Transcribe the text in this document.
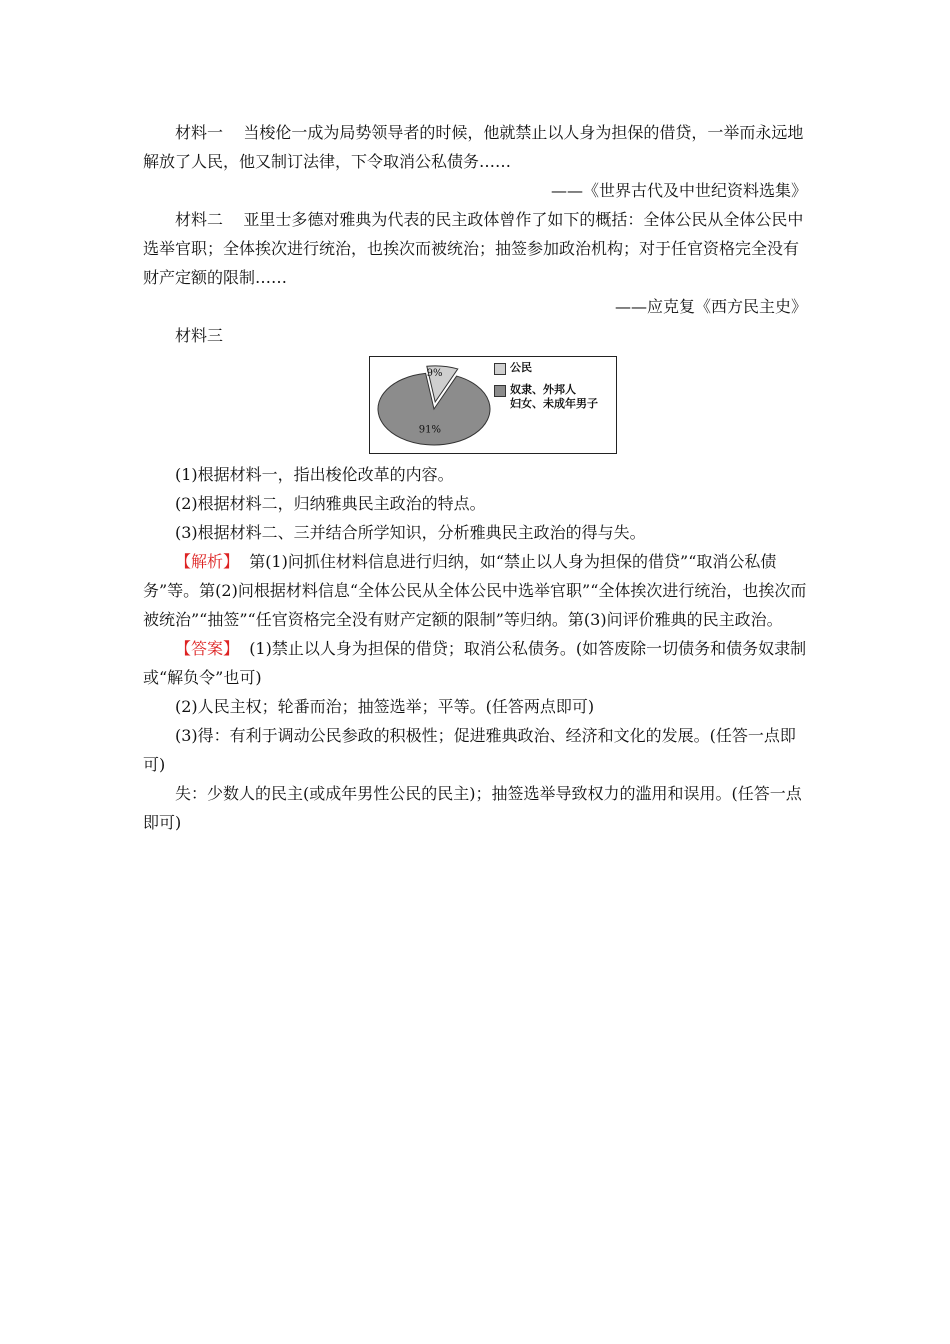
材料一 当梭伦一成为局势领导者的时候，他就禁止以人身为担保的借贷，一举而永远地解放了人民，他又制订法律，下令取消公私债务……

——《世界古代及中世纪资料选集》

材料二 亚里士多德对雅典为代表的民主政体曾作了如下的概括：全体公民从全体公民中选举官职；全体挨次进行统治，也挨次而被统治；抽签参加政治机构；对于任官资格完全没有财产定额的限制……

——应克复《西方民主史》

材料三

9%
91%
公民
奴隶、外邦人
妇女、未成年男子

(1)根据材料一，指出梭伦改革的内容。

(2)根据材料二，归纳雅典民主政治的特点。

(3)根据材料二、三并结合所学知识，分析雅典民主政治的得与失。

【解析】 第(1)问抓住材料信息进行归纳，如“禁止以人身为担保的借贷”“取消公私债务”等。第(2)问根据材料信息“全体公民从全体公民中选举官职”“全体挨次进行统治，也挨次而被统治”“抽签”“任官资格完全没有财产定额的限制”等归纳。第(3)问评价雅典的民主政治。

【答案】 (1)禁止以人身为担保的借贷；取消公私债务。(如答废除一切债务和债务奴隶制或“解负令”也可)

(2)人民主权；轮番而治；抽签选举；平等。(任答两点即可)

(3)得：有利于调动公民参政的积极性；促进雅典政治、经济和文化的发展。(任答一点即可)

失：少数人的民主(或成年男性公民的民主)；抽签选举导致权力的滥用和误用。(任答一点即可)
